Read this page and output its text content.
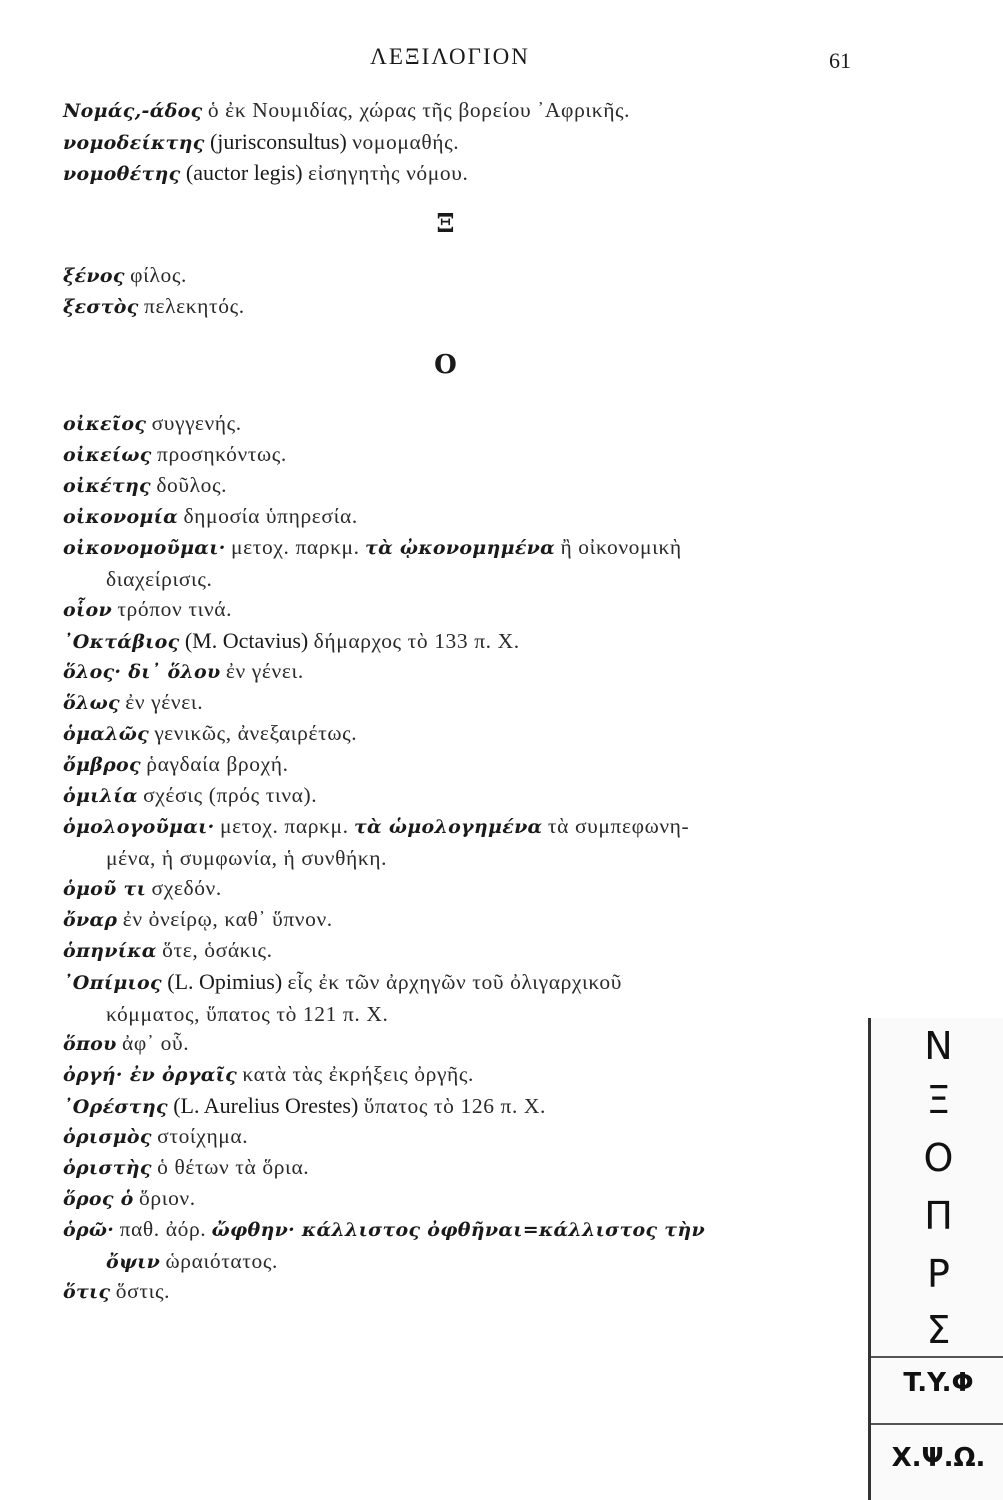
ΛΕΞΙΛΟΓΙΟΝ	61
Νομάς,-άδος ὁ ἐκ Νουμιδίας, χώρας τῆς βορείου ᾿Αφρικῆς.
νομοδείκτης (jurisconsultus) νομομαθής.
νομοθέτης (auctor legis) εἰσηγητὴς νόμου.
Ξ
ξένος φίλος.
ξεστὸς πελεκητός.
Ο
οἰκεῖος συγγενής.
οἰκείως προσηκόντως.
οἰκέτης δοῦλος.
οἰκονομία δημοσία ὑπηρεσία.
οἰκονομοῦμαι· μετοχ. παρκμ. τὰ ᾠκονομημένα ἢ οἰκονομικὴ
διαχείρισις.
οἷον τρόπον τινά.
᾿Οκτάβιος (M. Octavius) δήμαρχος τὸ 133 π. Χ.
ὅλος· δι᾿ ὅλου ἐν γένει.
ὅλως ἐν γένει.
ὁμαλῶς γενικῶς, ἀνεξαιρέτως.
ὄμβρος ῥαγδαία βροχή.
ὁμιλία σχέσις (πρός τινα).
ὁμολογοῦμαι· μετοχ. παρκμ. τὰ ὡμολογημένα τὰ συμπεφωνη-
μένα, ἡ συμφωνία, ἡ συνθήκη.
ὁμοῦ τι σχεδόν.
ὄναρ ἐν ὀνείρῳ, καθ᾿ ὕπνον.
ὁπηνίκα ὅτε, ὁσάκις.
᾿Οπίμιος (L. Opimius) εἷς ἐκ τῶν ἀρχηγῶν τοῦ ὀλιγαρχικοῦ
κόμματος, ὕπατος τὸ 121 π. Χ.
ὅπου ἀφ᾿ οὗ.
ὀργή· ἐν ὀργαῖς κατὰ τὰς ἐκρήξεις ὀργῆς.
᾿Ορέστης (L. Aurelius Orestes) ὕπατος τὸ 126 π. Χ.
ὁρισμὸς στοίχημα.
ὁριστὴς ὁ θέτων τὰ ὅρια.
ὅρος ὁ ὅριον.
ὁρῶ· παθ. ἀόρ. ὤφθην· κάλλιστος ὀφθῆναι=κάλλιστος τὴν
ὄψιν ὡραιότατος.
ὅτις ὅστις.
N
Ξ
O
Π
P
Σ
T.Y.Φ
X.Ψ.Ω.
